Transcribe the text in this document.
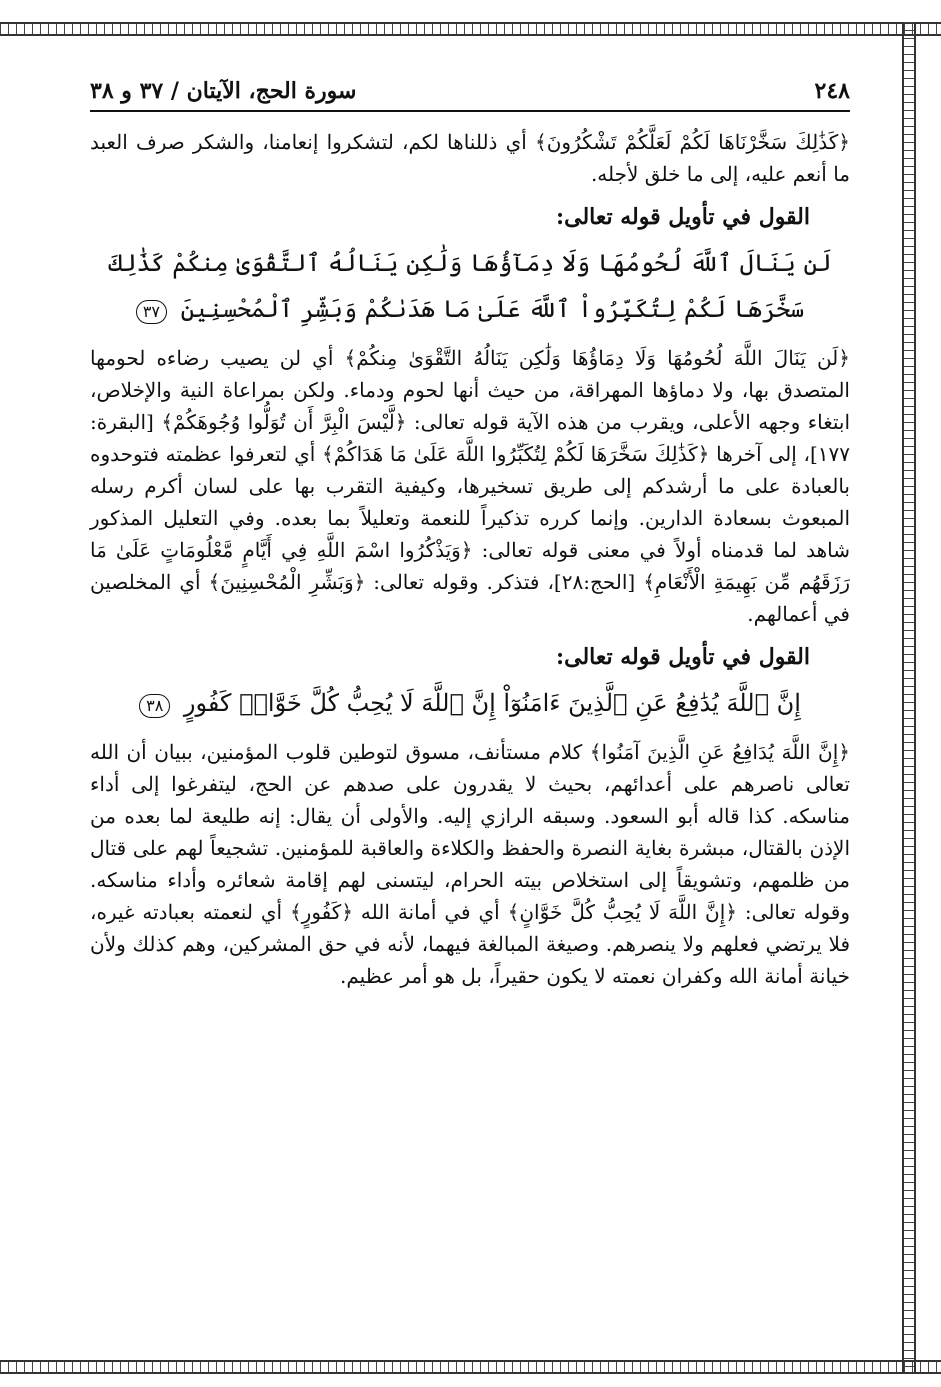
٢٤٨
سورة الحج، الآيتان / ٣٧ و ٣٨

﴿كَذَٰلِكَ سَخَّرْنَاهَا لَكُمْ لَعَلَّكُمْ تَشْكُرُونَ﴾ أي ذللناها لكم، لتشكروا إنعامنا، والشكر صرف العبد ما أنعم عليه، إلى ما خلق لأجله.

القول في تأويل قوله تعالى:
لَن يَنَالَ ٱللَّهَ لُحُومُهَا وَلَا دِمَآؤُهَا وَلَٰكِن يَنَالُهُ ٱلتَّقْوَىٰ مِنكُمْ كَذَٰلِكَ سَخَّرَهَا لَكُمْ لِتُكَبِّرُواْ ٱللَّهَ عَلَىٰ مَا هَدَىٰكُمْ وَبَشِّرِ ٱلْمُحْسِنِينَ ٣٧

﴿لَن يَنَالَ اللَّهَ لُحُومُهَا وَلَا دِمَاؤُهَا وَلَٰكِن يَنَالُهُ التَّقْوَىٰ مِنكُمْ﴾ أي لن يصيب رضاءه لحومها المتصدق بها، ولا دماؤها المهراقة، من حيث أنها لحوم ودماء. ولكن بمراعاة النية والإخلاص، ابتغاء وجهه الأعلى، ويقرب من هذه الآية قوله تعالى: ﴿لَّيْسَ الْبِرَّ أَن تُوَلُّوا وُجُوهَكُمْ﴾ [البقرة: ١٧٧]، إلى آخرها ﴿كَذَٰلِكَ سَخَّرَهَا لَكُمْ لِتُكَبِّرُوا اللَّهَ عَلَىٰ مَا هَدَاكُمْ﴾ أي لتعرفوا عظمته فتوحدوه بالعبادة على ما أرشدكم إلى طريق تسخيرها، وكيفية التقرب بها على لسان أكرم رسله المبعوث بسعادة الدارين. وإنما كرره تذكيراً للنعمة وتعليلاً بما بعده. وفي التعليل المذكور شاهد لما قدمناه أولاً في معنى قوله تعالى: ﴿وَيَذْكُرُوا اسْمَ اللَّهِ فِي أَيَّامٍ مَّعْلُومَاتٍ عَلَىٰ مَا رَزَقَهُم مِّن بَهِيمَةِ الْأَنْعَامِ﴾ [الحج:٢٨]، فتذكر. وقوله تعالى: ﴿وَبَشِّرِ الْمُحْسِنِينَ﴾ أي المخلصين في أعمالهم.

القول في تأويل قوله تعالى:
إِنَّ ٱللَّهَ يُدَٰفِعُ عَنِ ٱلَّذِينَ ءَامَنُوٓاْ إِنَّ ٱللَّهَ لَا يُحِبُّ كُلَّ خَوَّانٖ كَفُورٍ ٣٨

﴿إِنَّ اللَّهَ يُدَافِعُ عَنِ الَّذِينَ آمَنُوا﴾ كلام مستأنف، مسوق لتوطين قلوب المؤمنين، ببيان أن الله تعالى ناصرهم على أعدائهم، بحيث لا يقدرون على صدهم عن الحج، ليتفرغوا إلى أداء مناسكه. كذا قاله أبو السعود. وسبقه الرازي إليه. والأولى أن يقال: إنه طليعة لما بعده من الإذن بالقتال، مبشرة بغاية النصرة والحفظ والكلاءة والعاقبة للمؤمنين. تشجيعاً لهم على قتال من ظلمهم، وتشويقاً إلى استخلاص بيته الحرام، ليتسنى لهم إقامة شعائره وأداء مناسكه. وقوله تعالى: ﴿إِنَّ اللَّهَ لَا يُحِبُّ كُلَّ خَوَّانٍ﴾ أي في أمانة الله ﴿كَفُورٍ﴾ أي لنعمته بعبادته غيره، فلا يرتضي فعلهم ولا ينصرهم. وصيغة المبالغة فيهما، لأنه في حق المشركين، وهم كذلك ولأن خيانة أمانة الله وكفران نعمته لا يكون حقيراً، بل هو أمر عظيم.
